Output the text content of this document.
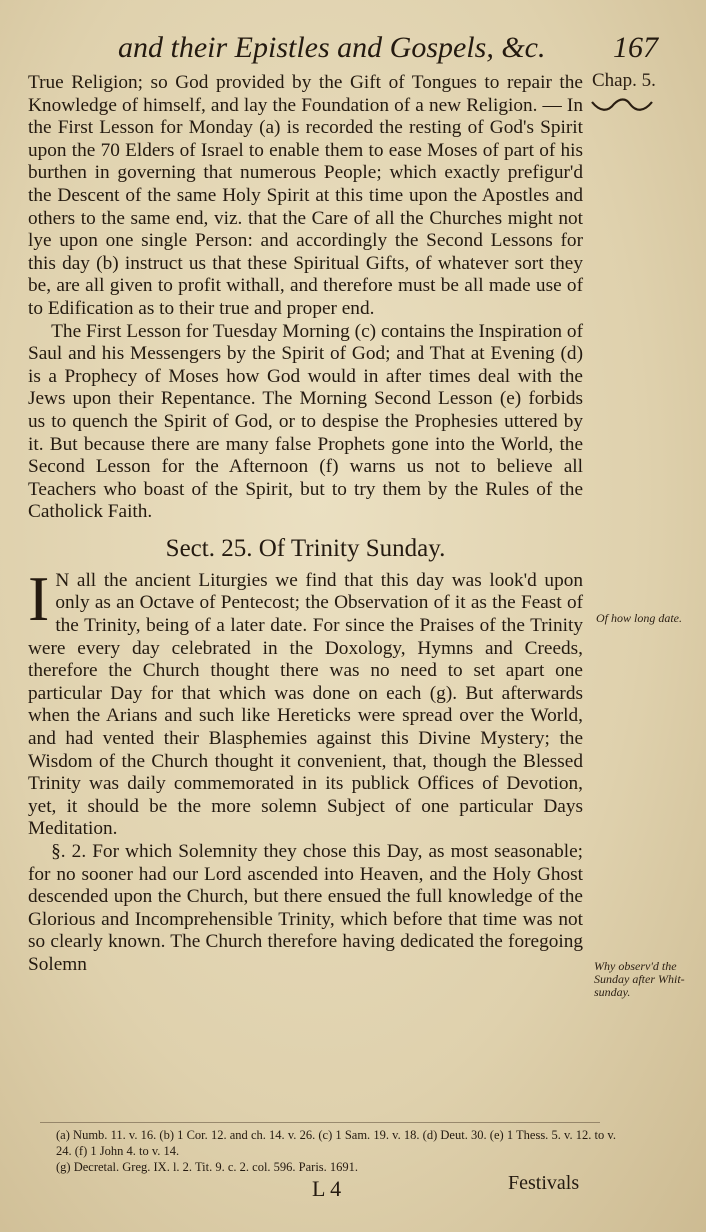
and their Epistles and Gospels, &c. 167
Chap. 5.

True Religion; so God provided by the Gift of Tongues to repair the Knowledge of himself, and lay the Foundation of a new Religion. — In the First Lesson for Monday (a) is recorded the resting of God's Spirit upon the 70 Elders of Israel to enable them to ease Moses of part of his burthen in governing that numerous People; which exactly prefigur'd the Descent of the same Holy Spirit at this time upon the Apostles and others to the same end, viz. that the Care of all the Churches might not lye upon one single Person: and accordingly the Second Lessons for this day (b) instruct us that these Spiritual Gifts, of whatever sort they be, are all given to profit withall, and therefore must be all made use of to Edification as to their true and proper end.

The First Lesson for Tuesday Morning (c) contains the Inspiration of Saul and his Messengers by the Spirit of God; and That at Evening (d) is a Prophecy of Moses how God would in after times deal with the Jews upon their Repentance. The Morning Second Lesson (e) forbids us to quench the Spirit of God, or to despise the Prophesies uttered by it. But because there are many false Prophets gone into the World, the Second Lesson for the Afternoon (f) warns us not to believe all Teachers who boast of the Spirit, but to try them by the Rules of the Catholick Faith.

Sect. 25. Of Trinity Sunday.

I N all the ancient Liturgies we find that this day was look'd upon only as an Octave of Pentecost; the Observation of it as the Feast of the Trinity, being of a later date. For since the Praises of the Trinity were every day celebrated in the Doxology, Hymns and Creeds, therefore the Church thought there was no need to set apart one particular Day for that which was done on each (g). But afterwards when the Arians and such like Hereticks were spread over the World, and had vented their Blasphemies against this Divine Mystery; the Wisdom of the Church thought it convenient, that, though the Blessed Trinity was daily commemorated in its publick Offices of Devotion, yet, it should be the more solemn Subject of one particular Days Meditation.

§. 2. For which Solemnity they chose this Day, as most seasonable; for no sooner had our Lord ascended into Heaven, and the Holy Ghost descended upon the Church, but there ensued the full knowledge of the Glorious and Incomprehensible Trinity, which before that time was not so clearly known. The Church therefore having dedicated the foregoing Solemn

Of how long date.
Why observ'd the Sunday after Whit-sunday.

(a) Numb. 11. v. 16. (b) 1 Cor. 12. and ch. 14. v. 26. (c) 1 Sam. 19. v. 18. (d) Deut. 30. (e) 1 Thess. 5. v. 12. to v. 24. (f) 1 John 4. to v. 14.

(g) Decretal. Greg. IX. l. 2. Tit. 9. c. 2. col. 596. Paris. 1691.

L 4	Festivals
